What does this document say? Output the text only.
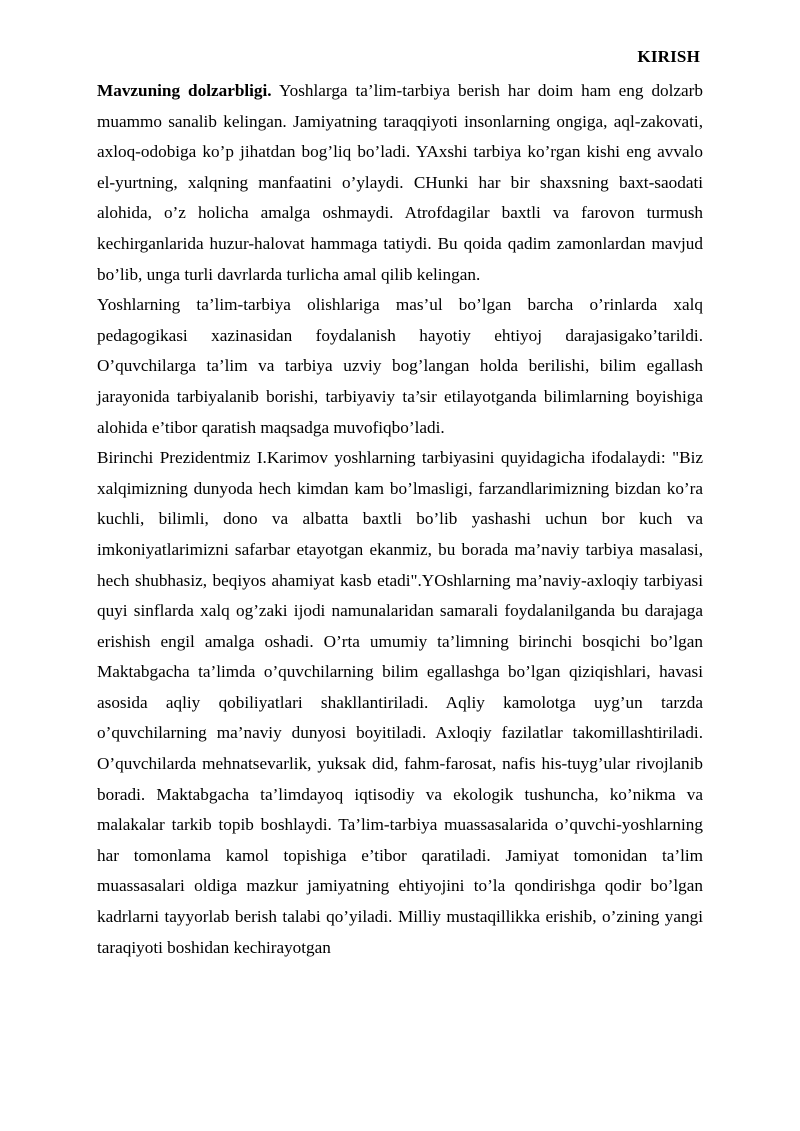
KIRISH

Mavzuning dolzarbligi. Yoshlarga ta’lim-tarbiya berish har doim ham eng dolzarb muammo sanalib kelingan. Jamiyatning taraqqiyoti insonlarning ongiga, aql-zakovati, axloq-odobiga ko’p jihatdan bog’liq bo’ladi. YAxshi tarbiya ko’rgan kishi eng avvalo el-yurtning, xalqning manfaatini o’ylaydi. CHunki har bir shaxsning baxt-saodati alohida, o’z holicha amalga oshmaydi. Atrofdagilar baxtli va farovon turmush kechirganlarida huzur-halovat hammaga tatiydi. Bu qoida qadim zamonlardan mavjud bo’lib, unga turli davrlarda turlicha amal qilib kelingan.

Yoshlarning ta’lim-tarbiya olishlariga mas’ul bo’lgan barcha o’rinlarda xalq pedagogikasi xazinasidan foydalanish hayotiy ehtiyoj darajasigako’tarildi. O’quvchilarga ta’lim va tarbiya uzviy bog’langan holda berilishi, bilim egallash jarayonida tarbiyalanib borishi, tarbiyaviy ta’sir etilayotganda bilimlarning boyishiga alohida e’tibor qaratish maqsadga muvofiqbo’ladi.

Birinchi Prezidentmiz I.Karimov yoshlarning tarbiyasini quyidagicha ifodalaydi: "Biz xalqimizning dunyoda hech kimdan kam bo’lmasligi, farzandlarimizning bizdan ko’ra kuchli, bilimli, dono va albatta baxtli bo’lib yashashi uchun bor kuch va imkoniyatlarimizni safarbar etayotgan ekanmiz, bu borada ma’naviy tarbiya masalasi, hech shubhasiz, beqiyos ahamiyat kasb etadi".YOshlarning ma’naviy-axloqiy tarbiyasi quyi sinflarda xalq og’zaki ijodi namunalaridan samarali foydalanilganda bu darajaga erishish engil amalga oshadi. O’rta umumiy ta’limning birinchi bosqichi bo’lgan Maktabgacha ta’limda o’quvchilarning bilim egallashga bo’lgan qiziqishlari, havasi asosida aqliy qobiliyatlari shakllantiriladi. Aqliy kamolotga uyg’un tarzda o’quvchilarning ma’naviy dunyosi boyitiladi. Axloqiy fazilatlar takomillashtiriladi. O’quvchilarda mehnatsevarlik, yuksak did, fahm-farosat, nafis his-tuyg’ular rivojlanib boradi. Maktabgacha ta’limdayoq iqtisodiy va ekologik tushuncha, ko’nikma va malakalar tarkib topib boshlaydi. Ta’lim-tarbiya muassasalarida o’quvchi-yoshlarning har tomonlama kamol topishiga e’tibor qaratiladi. Jamiyat tomonidan ta’lim muassasalari oldiga mazkur jamiyatning ehtiyojini to’la qondirishga qodir bo’lgan kadrlarni tayyorlab berish talabi qo’yiladi. Milliy mustaqillikka erishib, o’zining yangi taraqiyoti boshidan kechirayotgan
